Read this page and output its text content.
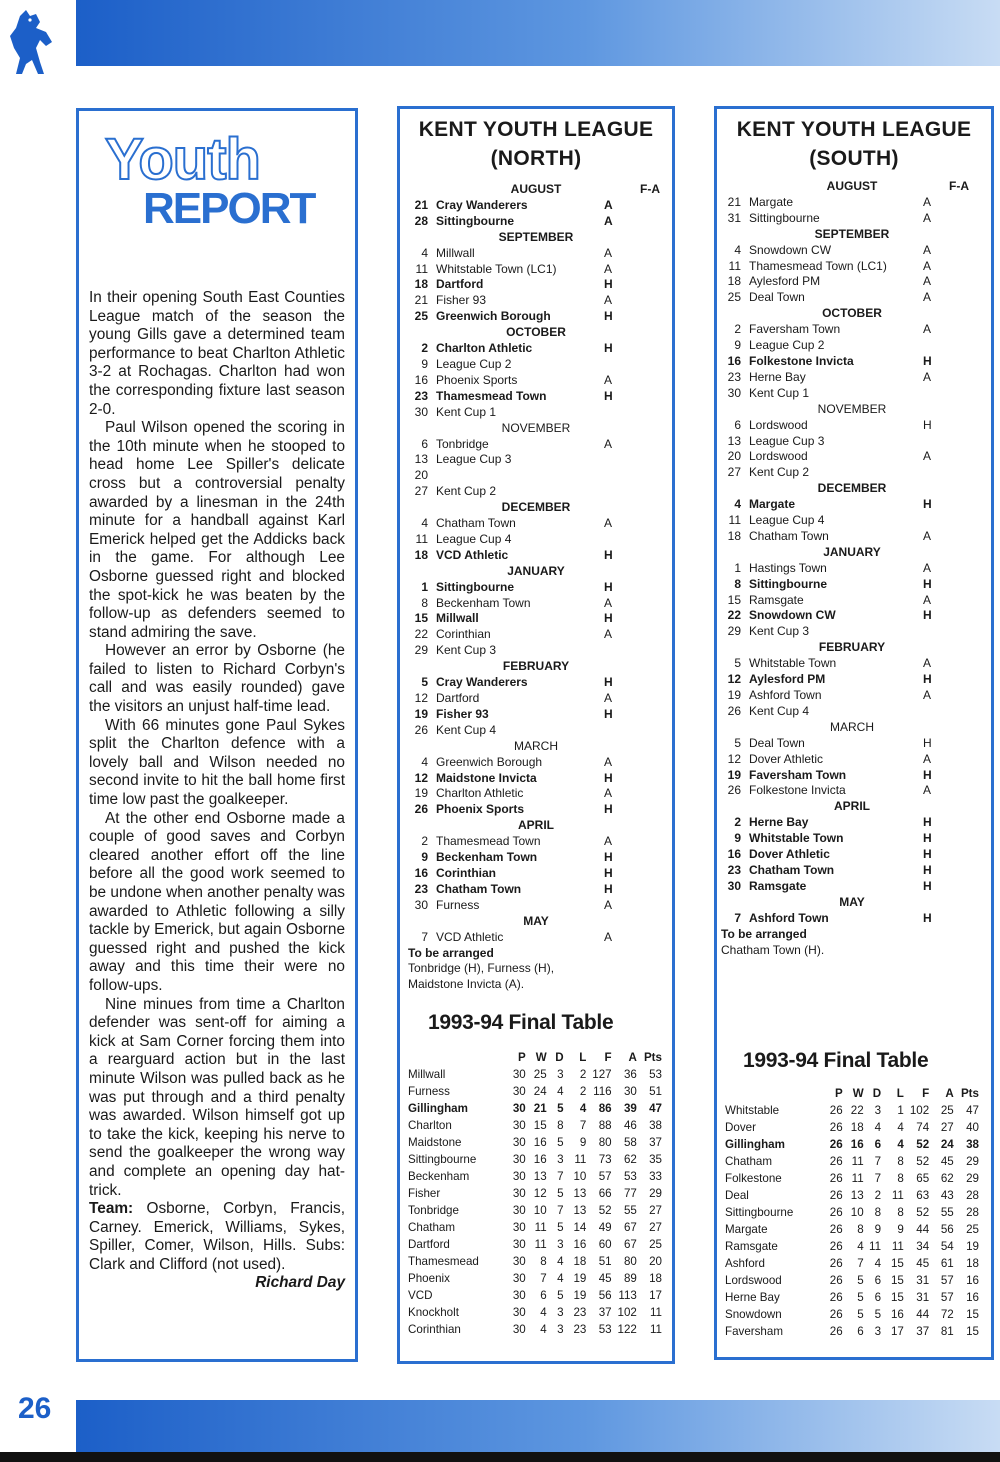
26
Youth
REPORT

In their opening South East Counties League match of the season the young Gills gave a determined team performance to beat Charlton Athletic 3-2 at Rochagas. Charlton had won the corresponding fixture last season 2-0.

Paul Wilson opened the scoring in the 10th minute when he stooped to head home Lee Spiller's delicate cross but a controversial penalty awarded by a linesman in the 24th minute for a handball against Karl Emerick helped get the Addicks back in the game. For although Lee Osborne guessed right and blocked the spot-kick he was beaten by the follow-up as defenders seemed to stand admiring the save.

However an error by Osborne (he failed to listen to Richard Corbyn's call and was easily rounded) gave the visitors an unjust half-time lead.

With 66 minutes gone Paul Sykes split the Charlton defence with a lovely ball and Wilson needed no second invite to hit the ball home first time low past the goalkeeper.

At the other end Osborne made a couple of good saves and Corbyn cleared another effort off the line before all the good work seemed to be undone when another penalty was awarded to Athletic following a silly tackle by Emerick, but again Osborne guessed right and pushed the kick away and this time their were no follow-ups.

Nine minues from time a Charlton defender was sent-off for aiming a kick at Sam Corner forcing them into a rearguard action but in the last minute Wilson was pulled back as he was put through and a third penalty was awarded. Wilson himself got up to take the kick, keeping his nerve to send the goalkeeper the wrong way and complete an opening day hat-trick.

Team: Osborne, Corbyn, Francis, Carney. Emerick, Williams, Sykes, Spiller, Comer, Wilson, Hills. Subs: Clark and Clifford (not used).

Richard Day
KENT YOUTH LEAGUE
(NORTH)
F-A
AUGUST
21 Cray Wanderers	A
28 Sittingbourne	A
SEPTEMBER
4 Millwall	A
11 Whitstable Town (LC1)	A
18 Dartford	H
21 Fisher 93	A
25 Greenwich Borough	H
OCTOBER
2 Charlton Athletic	H
9 League Cup 2
16 Phoenix Sports	A
23 Thamesmead Town	H
30 Kent Cup 1
NOVEMBER
6 Tonbridge	A
13 League Cup 3
20
27 Kent Cup 2
DECEMBER
4 Chatham Town	A
11 League Cup 4
18 VCD Athletic	H
JANUARY
1 Sittingbourne	H
8 Beckenham Town	A
15 Millwall	H
22 Corinthian	A
29 Kent Cup 3
FEBRUARY
5 Cray Wanderers	H
12 Dartford	A
19 Fisher 93	H
26 Kent Cup 4
MARCH
4 Greenwich Borough	A
12 Maidstone Invicta	H
19 Charlton Athletic	A
26 Phoenix Sports	H
APRIL
2 Thamesmead Town	A
9 Beckenham Town	H
16 Corinthian	H
23 Chatham Town	H
30 Furness	A
MAY
7 VCD Athletic	A
To be arranged
Tonbridge (H), Furness (H),
Maidstone Invicta (A).
1993-94 Final Table
	P	W	D	L	F	A	Pts
Millwall	30	25	3	2	127	36	53
Furness	30	24	4	2	116	30	51
Gillingham	30	21	5	4	86	39	47
Charlton	30	15	8	7	88	46	38
Maidstone	30	16	5	9	80	58	37
Sittingbourne	30	16	3	11	73	62	35
Beckenham	30	13	7	10	57	53	33
Fisher	30	12	5	13	66	77	29
Tonbridge	30	10	7	13	52	55	27
Chatham	30	11	5	14	49	67	27
Dartford	30	11	3	16	60	67	25
Thamesmead	30	8	4	18	51	80	20
Phoenix	30	7	4	19	45	89	18
VCD	30	6	5	19	56	113	17
Knockholt	30	4	3	23	37	102	11
Corinthian	30	4	3	23	53	122	11
KENT YOUTH LEAGUE
(SOUTH)
F-A
AUGUST
21 Margate	A
31 Sittingbourne	A
SEPTEMBER
4 Snowdown CW	A
11 Thamesmead Town (LC1)	A
18 Aylesford PM	A
25 Deal Town	A
OCTOBER
2 Faversham Town	A
9 League Cup 2
16 Folkestone Invicta	H
23 Herne Bay	A
30 Kent Cup 1
NOVEMBER
6 Lordswood	H
13 League Cup 3
20 Lordswood	A
27 Kent Cup 2
DECEMBER
4 Margate	H
11 League Cup 4
18 Chatham Town	A
JANUARY
1 Hastings Town	A
8 Sittingbourne	H
15 Ramsgate	A
22 Snowdown CW	H
29 Kent Cup 3
FEBRUARY
5 Whitstable Town	A
12 Aylesford PM	H
19 Ashford Town	A
26 Kent Cup 4
MARCH
5 Deal Town	H
12 Dover Athletic	A
19 Faversham Town	H
26 Folkestone Invicta	A
APRIL
2 Herne Bay	H
9 Whitstable Town	H
16 Dover Athletic	H
23 Chatham Town	H
30 Ramsgate	H
MAY
7 Ashford Town	H
To be arranged
Chatham Town (H).
1993-94 Final Table
	P	W	D	L	F	A	Pts
Whitstable	26	22	3	1	102	25	47
Dover	26	18	4	4	74	27	40
Gillingham	26	16	6	4	52	24	38
Chatham	26	11	7	8	52	45	29
Folkestone	26	11	7	8	65	62	29
Deal	26	13	2	11	63	43	28
Sittingbourne	26	10	8	8	52	55	28
Margate	26	8	9	9	44	56	25
Ramsgate	26	4	11	11	34	54	19
Ashford	26	7	4	15	45	61	18
Lordswood	26	5	6	15	31	57	16
Herne Bay	26	5	6	15	31	57	16
Snowdown	26	5	5	16	44	72	15
Faversham	26	6	3	17	37	81	15
